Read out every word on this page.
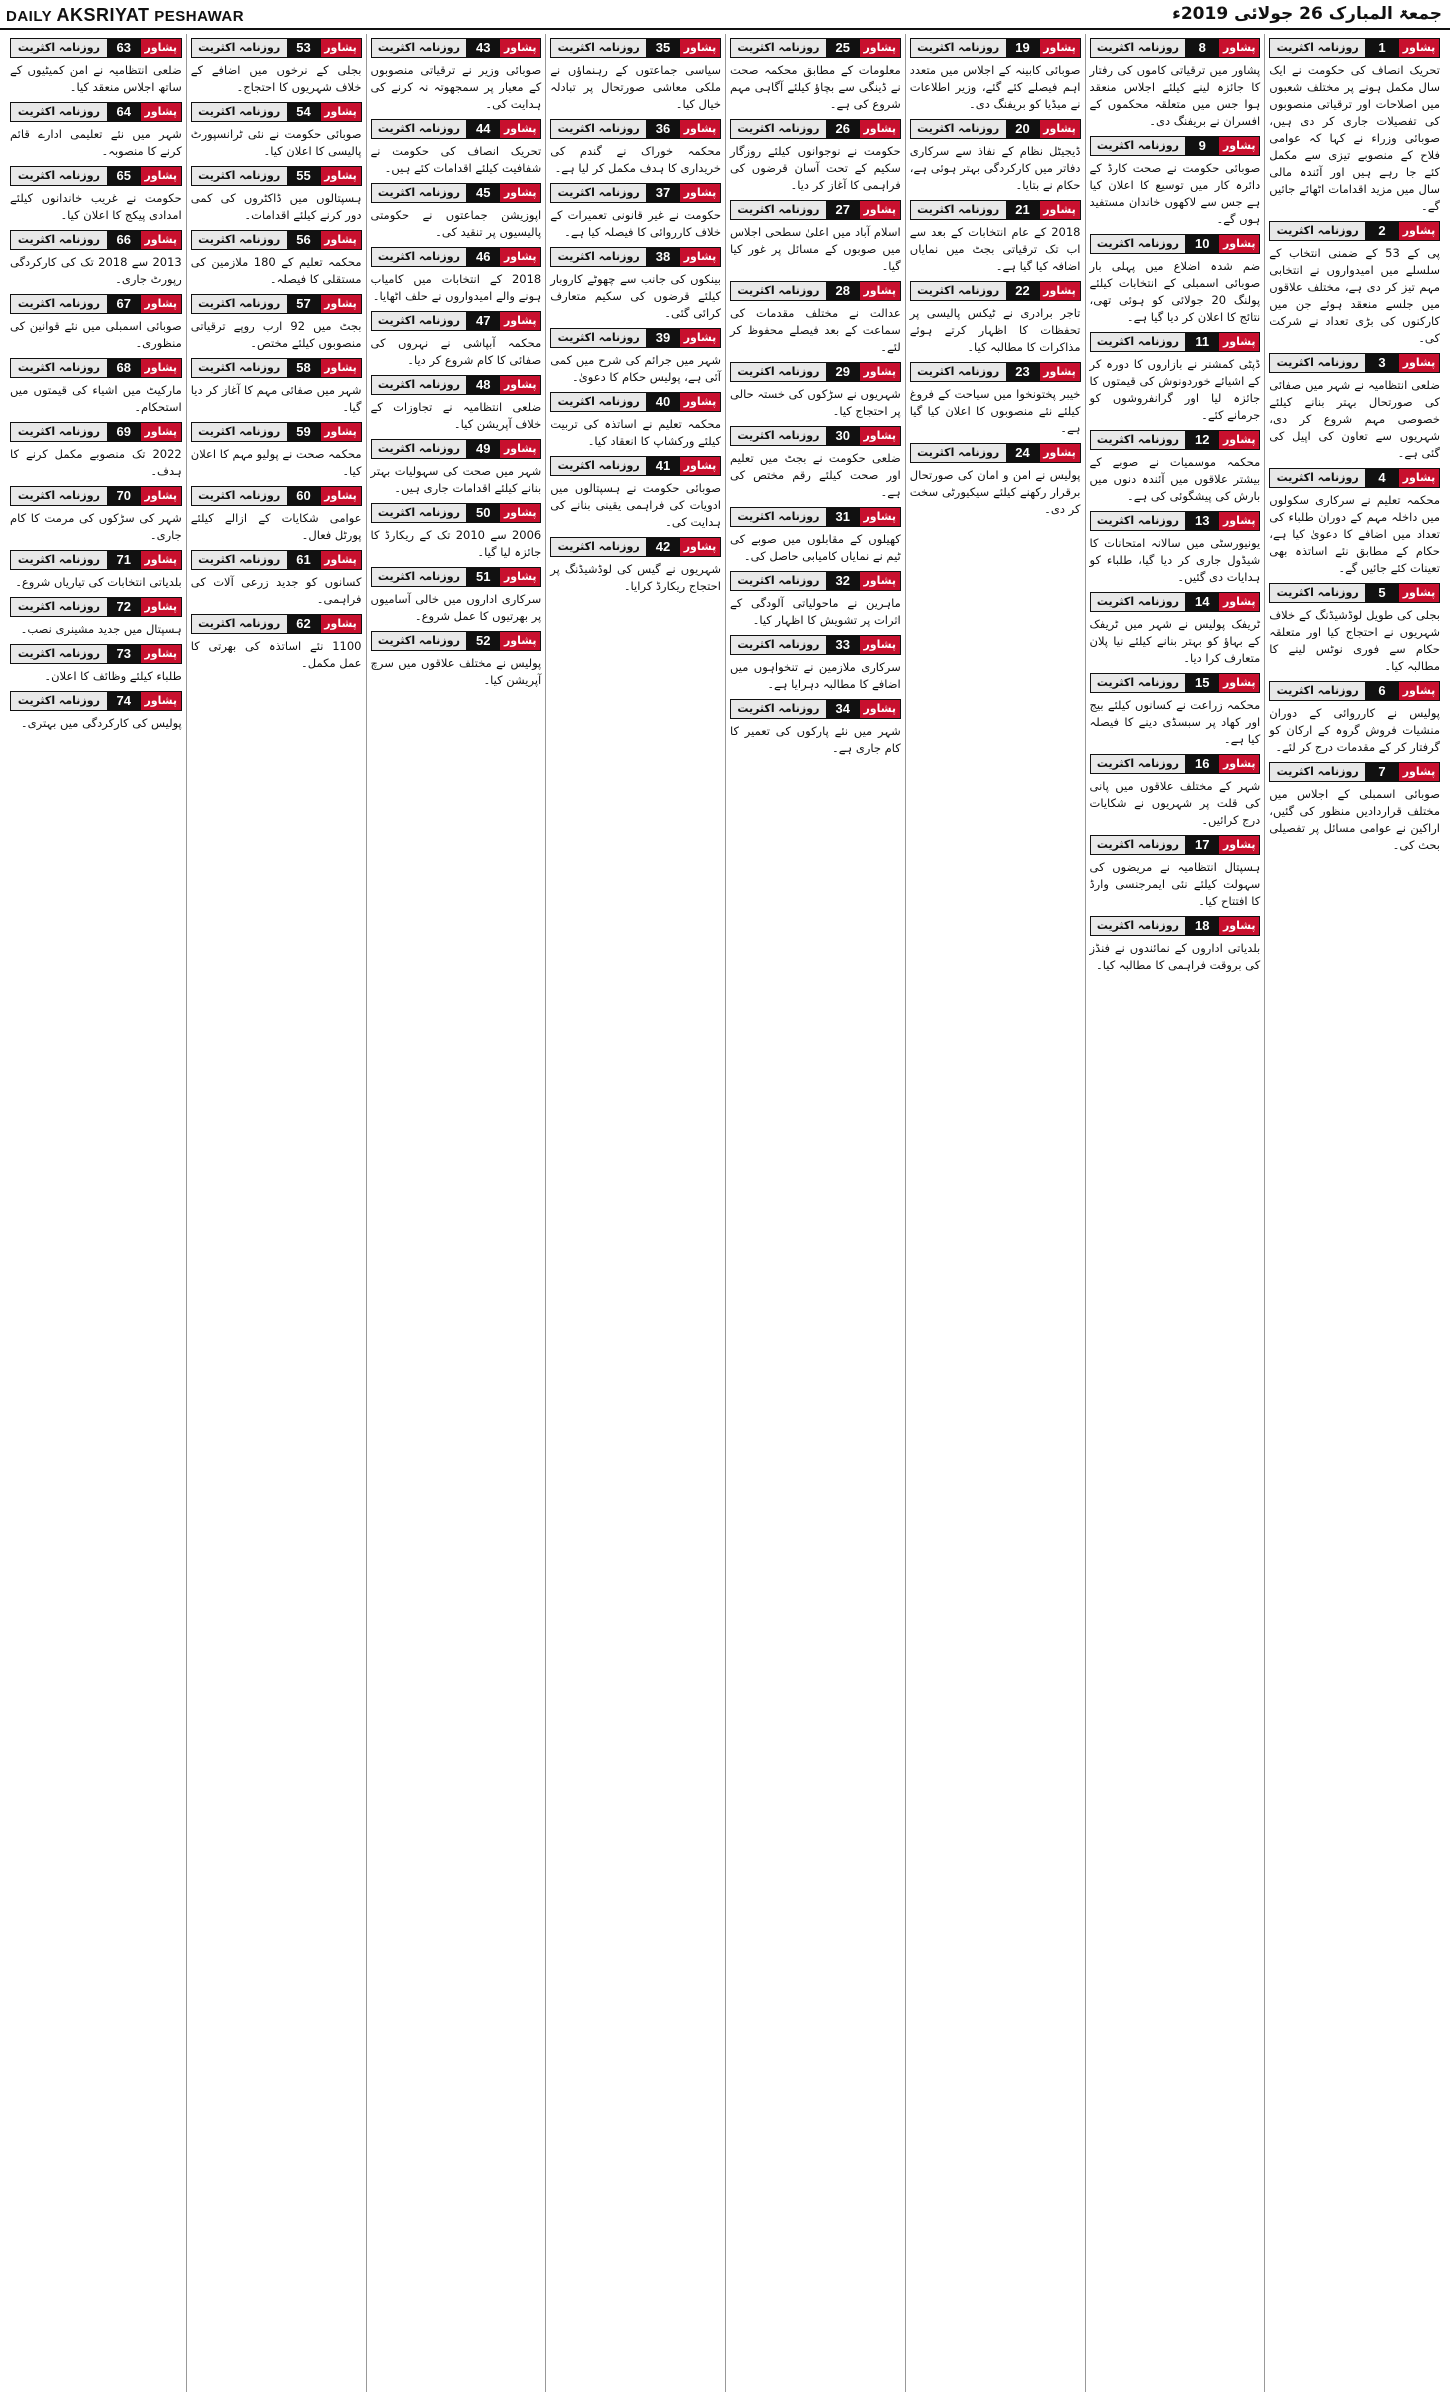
DAILY AKSRIYAT PESHAWAR	جمعۃ المبارک 26 جولائی 2019ء
روزنامہ اکثریت	1	پشاور

تحریک انصاف کی حکومت نے ایک سال مکمل ہونے پر مختلف شعبوں میں اصلاحات اور ترقیاتی منصوبوں کی تفصیلات جاری کر دی ہیں، صوبائی وزراء نے کہا کہ عوامی فلاح کے منصوبے تیزی سے مکمل کئے جا رہے ہیں اور آئندہ مالی سال میں مزید اقدامات اٹھائے جائیں گے۔

روزنامہ اکثریت	2	پشاور

پی کے 53 کے ضمنی انتخاب کے سلسلے میں امیدواروں نے انتخابی مہم تیز کر دی ہے، مختلف علاقوں میں جلسے منعقد ہوئے جن میں کارکنوں کی بڑی تعداد نے شرکت کی۔

روزنامہ اکثریت	3	پشاور

ضلعی انتظامیہ نے شہر میں صفائی کی صورتحال بہتر بنانے کیلئے خصوصی مہم شروع کر دی، شہریوں سے تعاون کی اپیل کی گئی ہے۔

روزنامہ اکثریت	4	پشاور

محکمہ تعلیم نے سرکاری سکولوں میں داخلہ مہم کے دوران طلباء کی تعداد میں اضافے کا دعویٰ کیا ہے، حکام کے مطابق نئے اساتذہ بھی تعینات کئے جائیں گے۔

روزنامہ اکثریت	5	پشاور

بجلی کی طویل لوڈشیڈنگ کے خلاف شہریوں نے احتجاج کیا اور متعلقہ حکام سے فوری نوٹس لینے کا مطالبہ کیا۔

روزنامہ اکثریت	6	پشاور

پولیس نے کارروائی کے دوران منشیات فروش گروہ کے ارکان کو گرفتار کر کے مقدمات درج کر لئے۔

روزنامہ اکثریت	7	پشاور

صوبائی اسمبلی کے اجلاس میں مختلف قراردادیں منظور کی گئیں، اراکین نے عوامی مسائل پر تفصیلی بحث کی۔

روزنامہ اکثریت	8	پشاور

پشاور میں ترقیاتی کاموں کی رفتار کا جائزہ لینے کیلئے اجلاس منعقد ہوا جس میں متعلقہ محکموں کے افسران نے بریفنگ دی۔

روزنامہ اکثریت	9	پشاور

صوبائی حکومت نے صحت کارڈ کے دائرہ کار میں توسیع کا اعلان کیا ہے جس سے لاکھوں خاندان مستفید ہوں گے۔

روزنامہ اکثریت	10	پشاور

ضم شدہ اضلاع میں پہلی بار صوبائی اسمبلی کے انتخابات کیلئے پولنگ 20 جولائی کو ہوئی تھی، نتائج کا اعلان کر دیا گیا ہے۔

روزنامہ اکثریت	11	پشاور

ڈپٹی کمشنر نے بازاروں کا دورہ کر کے اشیائے خوردونوش کی قیمتوں کا جائزہ لیا اور گرانفروشوں کو جرمانے کئے۔

روزنامہ اکثریت	12	پشاور

محکمہ موسمیات نے صوبے کے بیشتر علاقوں میں آئندہ دنوں میں بارش کی پیشگوئی کی ہے۔

روزنامہ اکثریت	13	پشاور

یونیورسٹی میں سالانہ امتحانات کا شیڈول جاری کر دیا گیا، طلباء کو ہدایات دی گئیں۔

روزنامہ اکثریت	14	پشاور

ٹریفک پولیس نے شہر میں ٹریفک کے بہاؤ کو بہتر بنانے کیلئے نیا پلان متعارف کرا دیا۔

روزنامہ اکثریت	15	پشاور

محکمہ زراعت نے کسانوں کیلئے بیج اور کھاد پر سبسڈی دینے کا فیصلہ کیا ہے۔

روزنامہ اکثریت	16	پشاور

شہر کے مختلف علاقوں میں پانی کی قلت پر شہریوں نے شکایات درج کرائیں۔

روزنامہ اکثریت	17	پشاور

ہسپتال انتظامیہ نے مریضوں کی سہولت کیلئے نئی ایمرجنسی وارڈ کا افتتاح کیا۔

روزنامہ اکثریت	18	پشاور

بلدیاتی اداروں کے نمائندوں نے فنڈز کی بروقت فراہمی کا مطالبہ کیا۔

روزنامہ اکثریت	19	پشاور

صوبائی کابینہ کے اجلاس میں متعدد اہم فیصلے کئے گئے، وزیر اطلاعات نے میڈیا کو بریفنگ دی۔

روزنامہ اکثریت	20	پشاور

ڈیجیٹل نظام کے نفاذ سے سرکاری دفاتر میں کارکردگی بہتر ہوئی ہے، حکام نے بتایا۔

روزنامہ اکثریت	21	پشاور

2018 کے عام انتخابات کے بعد سے اب تک ترقیاتی بجٹ میں نمایاں اضافہ کیا گیا ہے۔

روزنامہ اکثریت	22	پشاور

تاجر برادری نے ٹیکس پالیسی پر تحفظات کا اظہار کرتے ہوئے مذاکرات کا مطالبہ کیا۔

روزنامہ اکثریت	23	پشاور

خیبر پختونخوا میں سیاحت کے فروغ کیلئے نئے منصوبوں کا اعلان کیا گیا ہے۔

روزنامہ اکثریت	24	پشاور

پولیس نے امن و امان کی صورتحال برقرار رکھنے کیلئے سیکیورٹی سخت کر دی۔

روزنامہ اکثریت	25	پشاور

معلومات کے مطابق محکمہ صحت نے ڈینگی سے بچاؤ کیلئے آگاہی مہم شروع کی ہے۔

روزنامہ اکثریت	26	پشاور

حکومت نے نوجوانوں کیلئے روزگار سکیم کے تحت آسان قرضوں کی فراہمی کا آغاز کر دیا۔

روزنامہ اکثریت	27	پشاور

اسلام آباد میں اعلیٰ سطحی اجلاس میں صوبوں کے مسائل پر غور کیا گیا۔

روزنامہ اکثریت	28	پشاور

عدالت نے مختلف مقدمات کی سماعت کے بعد فیصلے محفوظ کر لئے۔

روزنامہ اکثریت	29	پشاور

شہریوں نے سڑکوں کی خستہ حالی پر احتجاج کیا۔

روزنامہ اکثریت	30	پشاور

ضلعی حکومت نے بجٹ میں تعلیم اور صحت کیلئے رقم مختص کی ہے۔

روزنامہ اکثریت	31	پشاور

کھیلوں کے مقابلوں میں صوبے کی ٹیم نے نمایاں کامیابی حاصل کی۔

روزنامہ اکثریت	32	پشاور

ماہرین نے ماحولیاتی آلودگی کے اثرات پر تشویش کا اظہار کیا۔

روزنامہ اکثریت	33	پشاور

سرکاری ملازمین نے تنخواہوں میں اضافے کا مطالبہ دہرایا ہے۔

روزنامہ اکثریت	34	پشاور

شہر میں نئے پارکوں کی تعمیر کا کام جاری ہے۔

روزنامہ اکثریت	35	پشاور

سیاسی جماعتوں کے رہنماؤں نے ملکی معاشی صورتحال پر تبادلہ خیال کیا۔

روزنامہ اکثریت	36	پشاور

محکمہ خوراک نے گندم کی خریداری کا ہدف مکمل کر لیا ہے۔

روزنامہ اکثریت	37	پشاور

حکومت نے غیر قانونی تعمیرات کے خلاف کارروائی کا فیصلہ کیا ہے۔

روزنامہ اکثریت	38	پشاور

بینکوں کی جانب سے چھوٹے کاروبار کیلئے قرضوں کی سکیم متعارف کرائی گئی۔

روزنامہ اکثریت	39	پشاور

شہر میں جرائم کی شرح میں کمی آئی ہے، پولیس حکام کا دعویٰ۔

روزنامہ اکثریت	40	پشاور

محکمہ تعلیم نے اساتذہ کی تربیت کیلئے ورکشاپ کا انعقاد کیا۔

روزنامہ اکثریت	41	پشاور

صوبائی حکومت نے ہسپتالوں میں ادویات کی فراہمی یقینی بنانے کی ہدایت کی۔

روزنامہ اکثریت	42	پشاور

شہریوں نے گیس کی لوڈشیڈنگ پر احتجاج ریکارڈ کرایا۔

روزنامہ اکثریت	43	پشاور

صوبائی وزیر نے ترقیاتی منصوبوں کے معیار پر سمجھوتہ نہ کرنے کی ہدایت کی۔

روزنامہ اکثریت	44	پشاور

تحریک انصاف کی حکومت نے شفافیت کیلئے اقدامات کئے ہیں۔

روزنامہ اکثریت	45	پشاور

اپوزیشن جماعتوں نے حکومتی پالیسیوں پر تنقید کی۔

روزنامہ اکثریت	46	پشاور

2018 کے انتخابات میں کامیاب ہونے والے امیدواروں نے حلف اٹھایا۔

روزنامہ اکثریت	47	پشاور

محکمہ آبپاشی نے نہروں کی صفائی کا کام شروع کر دیا۔

روزنامہ اکثریت	48	پشاور

ضلعی انتظامیہ نے تجاوزات کے خلاف آپریشن کیا۔

روزنامہ اکثریت	49	پشاور

شہر میں صحت کی سہولیات بہتر بنانے کیلئے اقدامات جاری ہیں۔

روزنامہ اکثریت	50	پشاور

2006 سے 2010 تک کے ریکارڈ کا جائزہ لیا گیا۔

روزنامہ اکثریت	51	پشاور

سرکاری اداروں میں خالی آسامیوں پر بھرتیوں کا عمل شروع۔

روزنامہ اکثریت	52	پشاور

پولیس نے مختلف علاقوں میں سرچ آپریشن کیا۔

روزنامہ اکثریت	53	پشاور

بجلی کے نرخوں میں اضافے کے خلاف شہریوں کا احتجاج۔

روزنامہ اکثریت	54	پشاور

صوبائی حکومت نے نئی ٹرانسپورٹ پالیسی کا اعلان کیا۔

روزنامہ اکثریت	55	پشاور

ہسپتالوں میں ڈاکٹروں کی کمی دور کرنے کیلئے اقدامات۔

روزنامہ اکثریت	56	پشاور

محکمہ تعلیم کے 180 ملازمین کی مستقلی کا فیصلہ۔

روزنامہ اکثریت	57	پشاور

بجٹ میں 92 ارب روپے ترقیاتی منصوبوں کیلئے مختص۔

روزنامہ اکثریت	58	پشاور

شہر میں صفائی مہم کا آغاز کر دیا گیا۔

روزنامہ اکثریت	59	پشاور

محکمہ صحت نے پولیو مہم کا اعلان کیا۔

روزنامہ اکثریت	60	پشاور

عوامی شکایات کے ازالے کیلئے پورٹل فعال۔

روزنامہ اکثریت	61	پشاور

کسانوں کو جدید زرعی آلات کی فراہمی۔

روزنامہ اکثریت	62	پشاور

1100 نئے اساتذہ کی بھرتی کا عمل مکمل۔

روزنامہ اکثریت	63	پشاور

ضلعی انتظامیہ نے امن کمیٹیوں کے ساتھ اجلاس منعقد کیا۔

روزنامہ اکثریت	64	پشاور

شہر میں نئے تعلیمی ادارے قائم کرنے کا منصوبہ۔

روزنامہ اکثریت	65	پشاور

حکومت نے غریب خاندانوں کیلئے امدادی پیکج کا اعلان کیا۔

روزنامہ اکثریت	66	پشاور

2013 سے 2018 تک کی کارکردگی رپورٹ جاری۔

روزنامہ اکثریت	67	پشاور

صوبائی اسمبلی میں نئے قوانین کی منظوری۔

روزنامہ اکثریت	68	پشاور

مارکیٹ میں اشیاء کی قیمتوں میں استحکام۔

روزنامہ اکثریت	69	پشاور

2022 تک منصوبے مکمل کرنے کا ہدف۔

روزنامہ اکثریت	70	پشاور

شہر کی سڑکوں کی مرمت کا کام جاری۔

روزنامہ اکثریت	71	پشاور

بلدیاتی انتخابات کی تیاریاں شروع۔

روزنامہ اکثریت	72	پشاور

ہسپتال میں جدید مشینری نصب۔

روزنامہ اکثریت	73	پشاور

طلباء کیلئے وظائف کا اعلان۔

روزنامہ اکثریت	74	پشاور

پولیس کی کارکردگی میں بہتری۔
